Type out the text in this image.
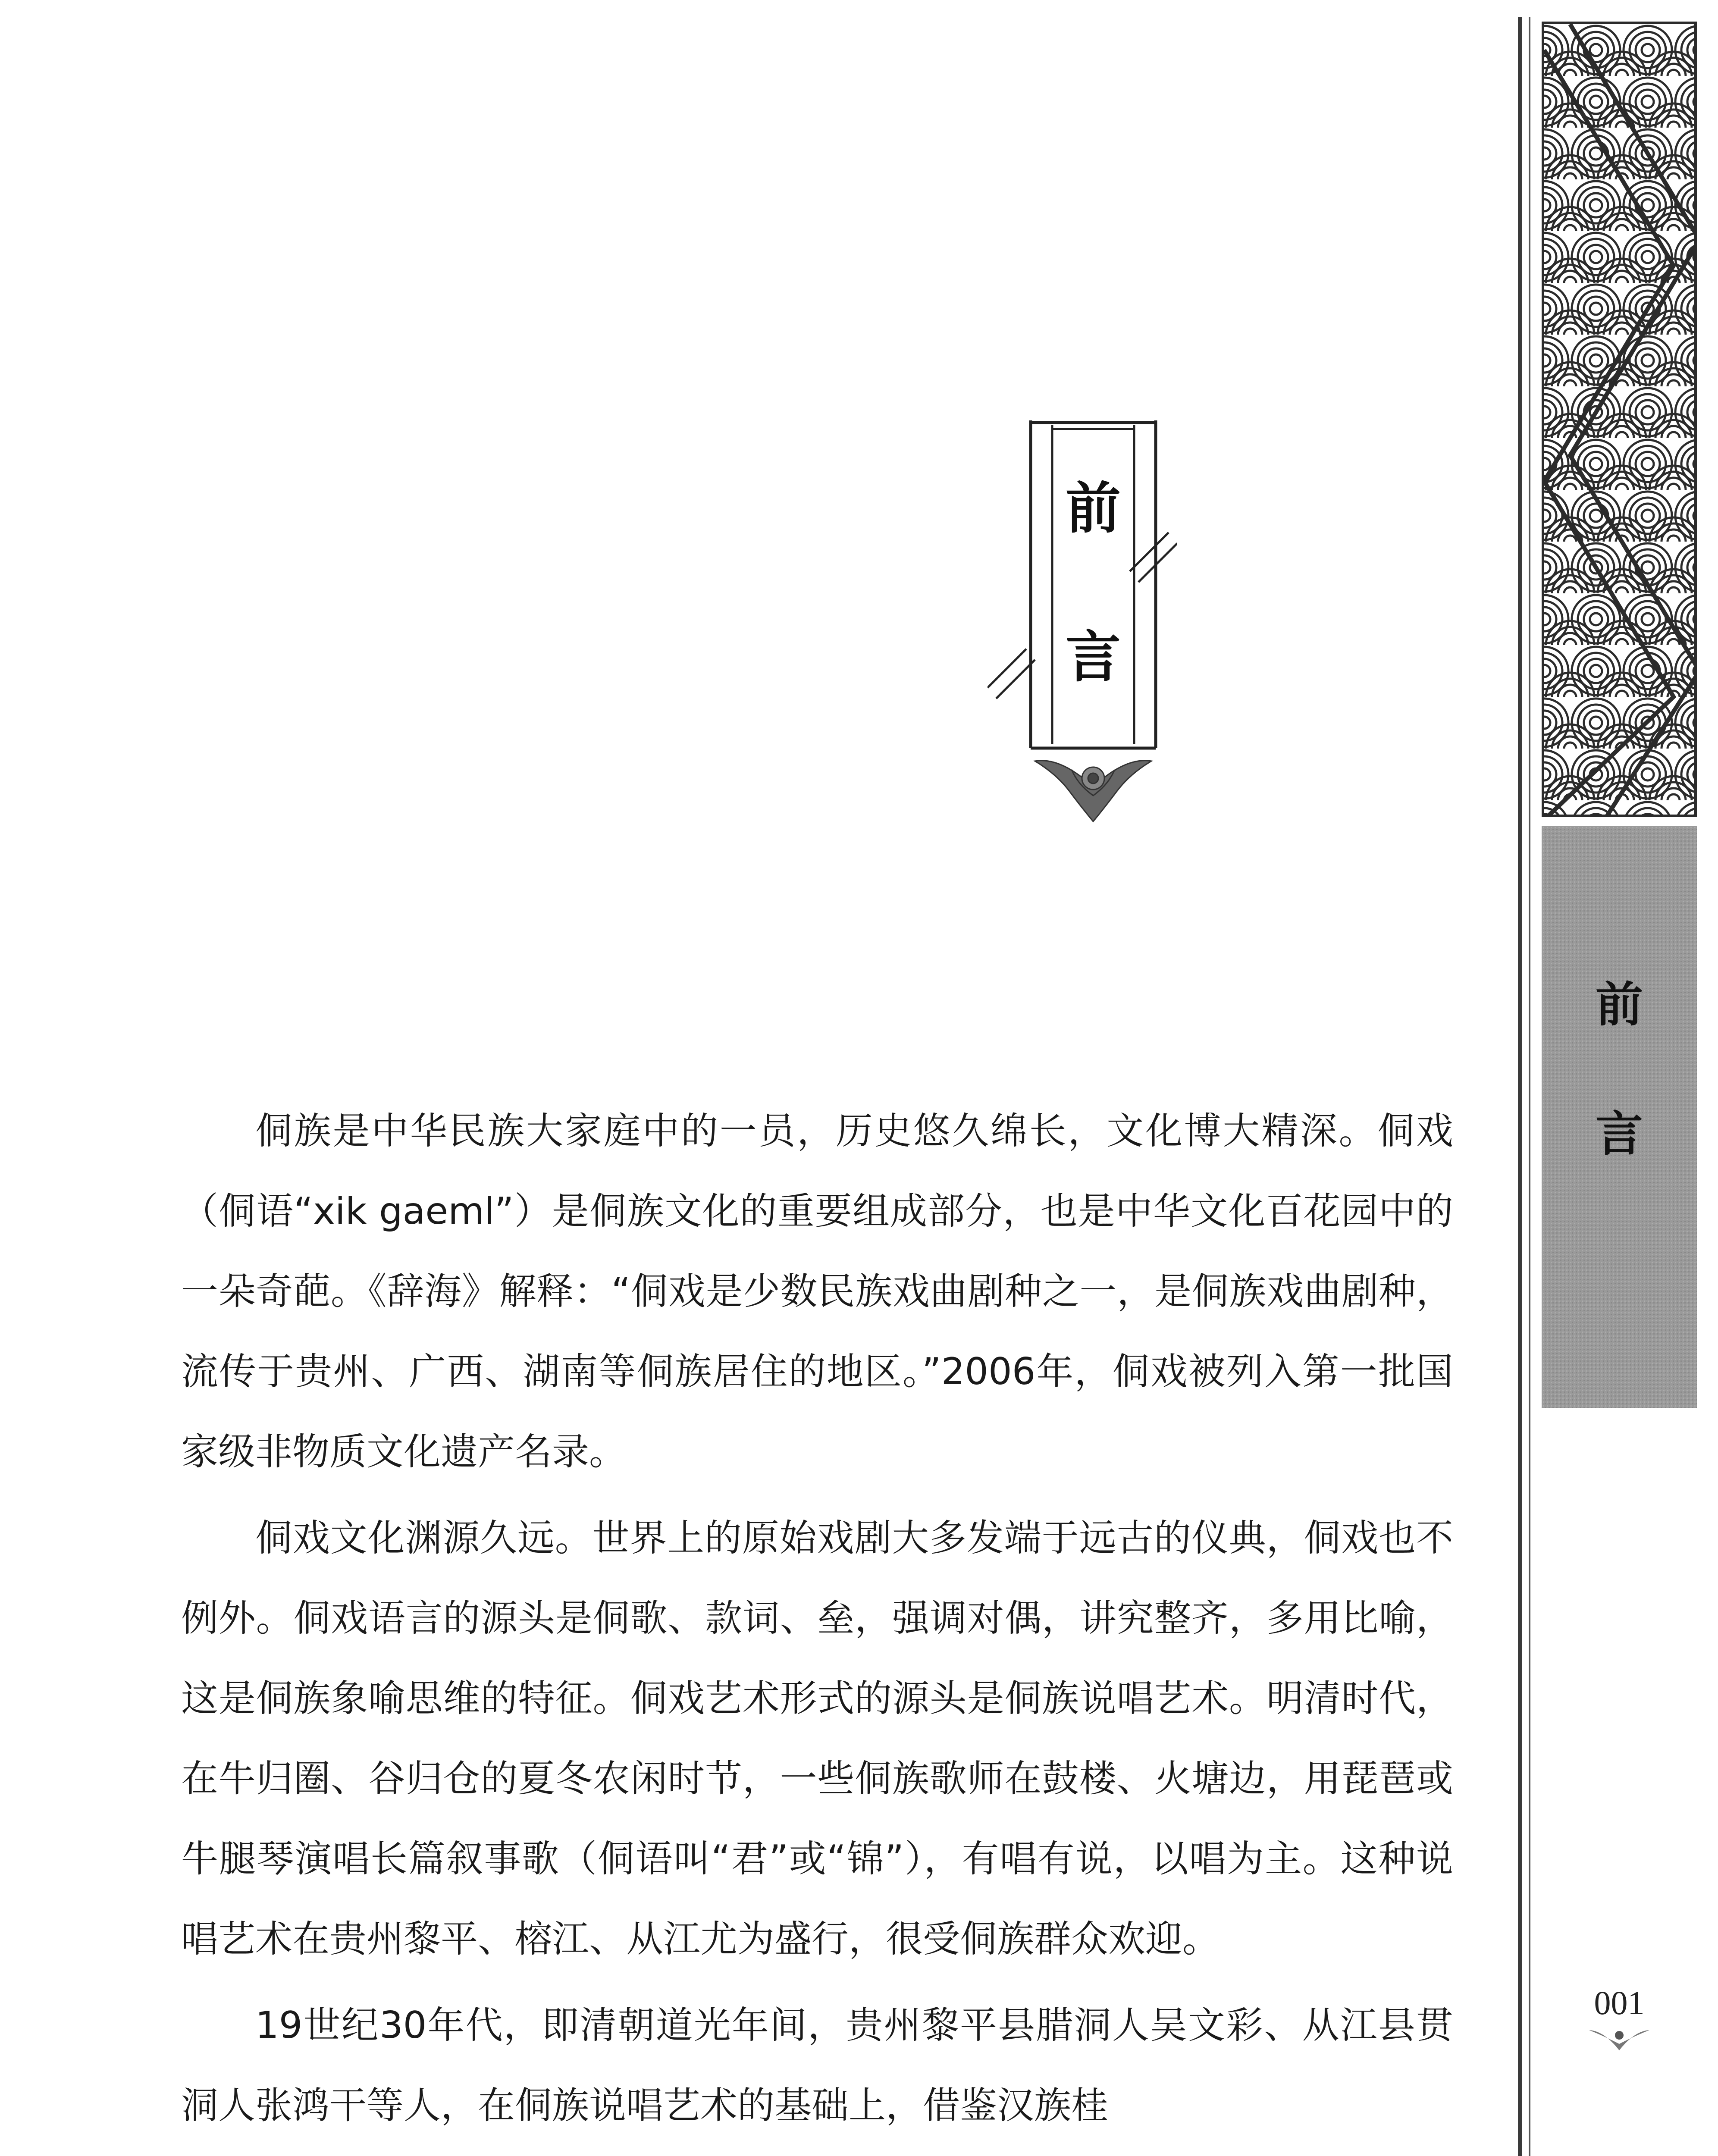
前
言
001
前
言

侗族是中华民族大家庭中的一员，历史悠久绵长，文化博大精深。侗戏（侗语“xik gaeml”）是侗族文化的重要组成部分，也是中华文化百花园中的一朵奇葩。《辞海》解释：“侗戏是少数民族戏曲剧种之一，是侗族戏曲剧种，流传于贵州、广西、湖南等侗族居住的地区。”2006年，侗戏被列入第一批国家级非物质文化遗产名录。

侗戏文化渊源久远。世界上的原始戏剧大多发端于远古的仪典，侗戏也不例外。侗戏语言的源头是侗歌、款词、垒，强调对偶，讲究整齐，多用比喻，这是侗族象喻思维的特征。侗戏艺术形式的源头是侗族说唱艺术。明清时代，在牛归圈、谷归仓的夏冬农闲时节，一些侗族歌师在鼓楼、火塘边，用琵琶或牛腿琴演唱长篇叙事歌（侗语叫“君”或“锦”），有唱有说，以唱为主。这种说唱艺术在贵州黎平、榕江、从江尤为盛行，很受侗族群众欢迎。

19世纪30年代，即清朝道光年间，贵州黎平县腊洞人吴文彩、从江县贯洞人张鸿干等人，在侗族说唱艺术的基础上，借鉴汉族桂
